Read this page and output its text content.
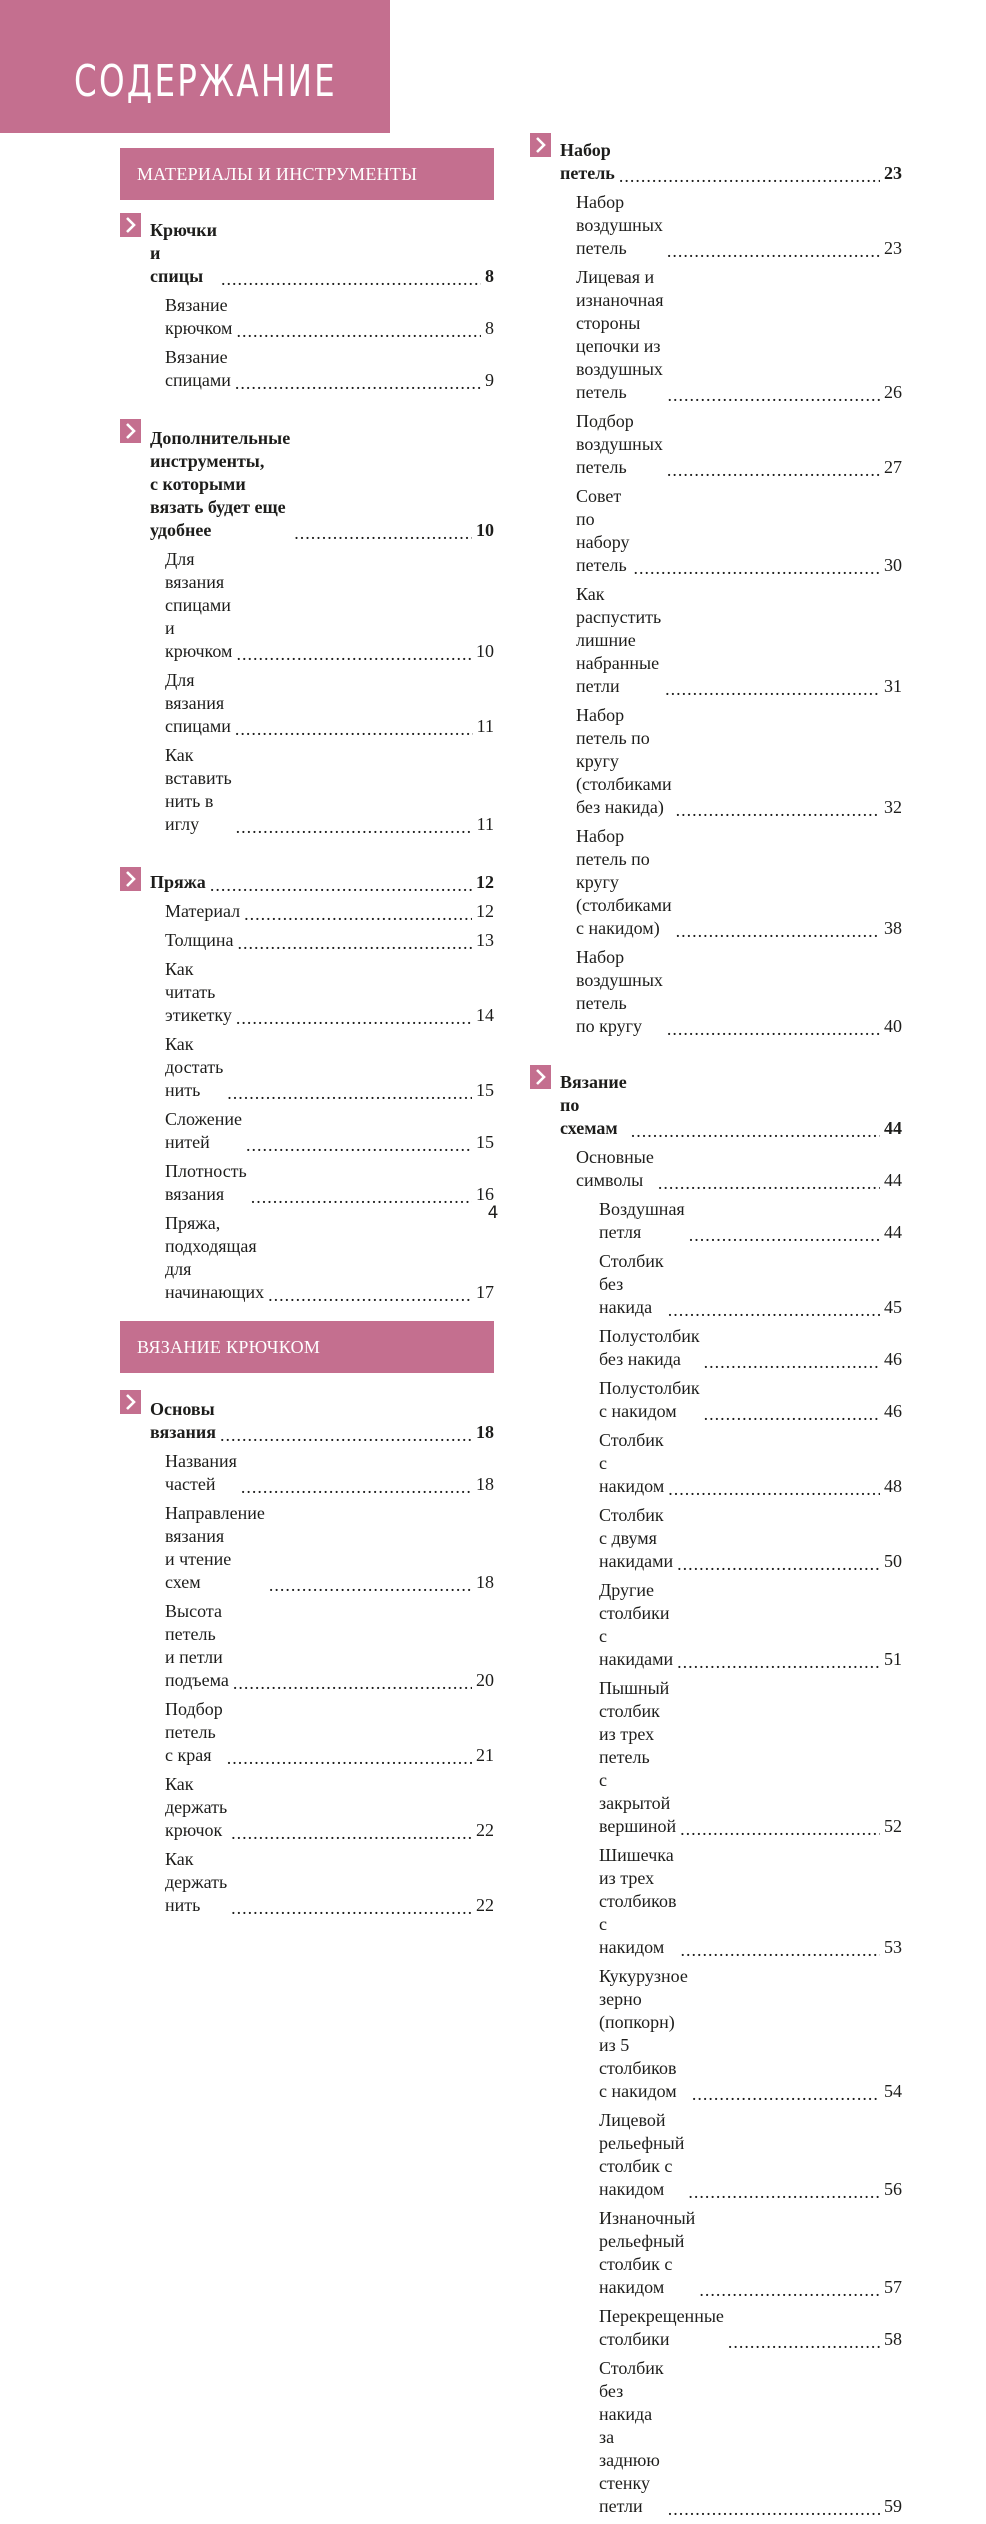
СОДЕРЖАНИЕ
МАТЕРИАЛЫ И ИНСТРУМЕНТЫ
Крючки и спицы .....	8
Вязание крючком .....	8
Вязание спицами .....	9
Дополнительные инструменты,
с которыми вязать будет еще
удобнее .....	10
Для вязания спицами
и крючком .....	10
Для вязания спицами .....	11
Как вставить нить в иглу .....	11
Пряжа .....	12
Материал .....	12
Толщина .....	13
Как читать этикетку .....	14
Как достать нить .....	15
Сложение нитей .....	15
Плотность вязания .....	16
Пряжа, подходящая
для начинающих .....	17
ВЯЗАНИЕ КРЮЧКОМ
Основы вязания .....	18
Названия частей .....	18
Направление вязания
и чтение схем .....	18
Высота петель
и петли подъема .....	20
Подбор петель с края .....	21
Как держать крючок .....	22
Как держать нить .....	22
Набор петель .....	23
Набор воздушных петель .....	23
Лицевая и изнаночная стороны
цепочки из воздушных петель .....	26
Подбор воздушных петель .....	27
Совет по набору петель .....	30
Как распустить лишние
набранные петли .....	31
Набор петель по кругу
(столбиками без накида) .....	32
Набор петель по кругу
(столбиками с накидом) .....	38
Набор воздушных петель
по кругу .....	40
Вязание по схемам .....	44
Основные символы .....	44
Воздушная петля .....	44
Столбик без накида .....	45
Полустолбик без накида .....	46
Полустолбик с накидом .....	46
Столбик с накидом .....	48
Столбик с двумя накидами .....	50
Другие столбики с накидами .....	51
Пышный столбик из трех петель
с закрытой вершиной .....	52
Шишечка из трех столбиков
с накидом .....	53
Кукурузное зерно (попкорн)
из 5 столбиков с накидом .....	54
Лицевой рельефный
столбик с накидом .....	56
Изнаночный рельефный
столбик с накидом .....	57
Перекрещенные столбики .....	58
Столбик без накида
за заднюю стенку петли .....	59
4
